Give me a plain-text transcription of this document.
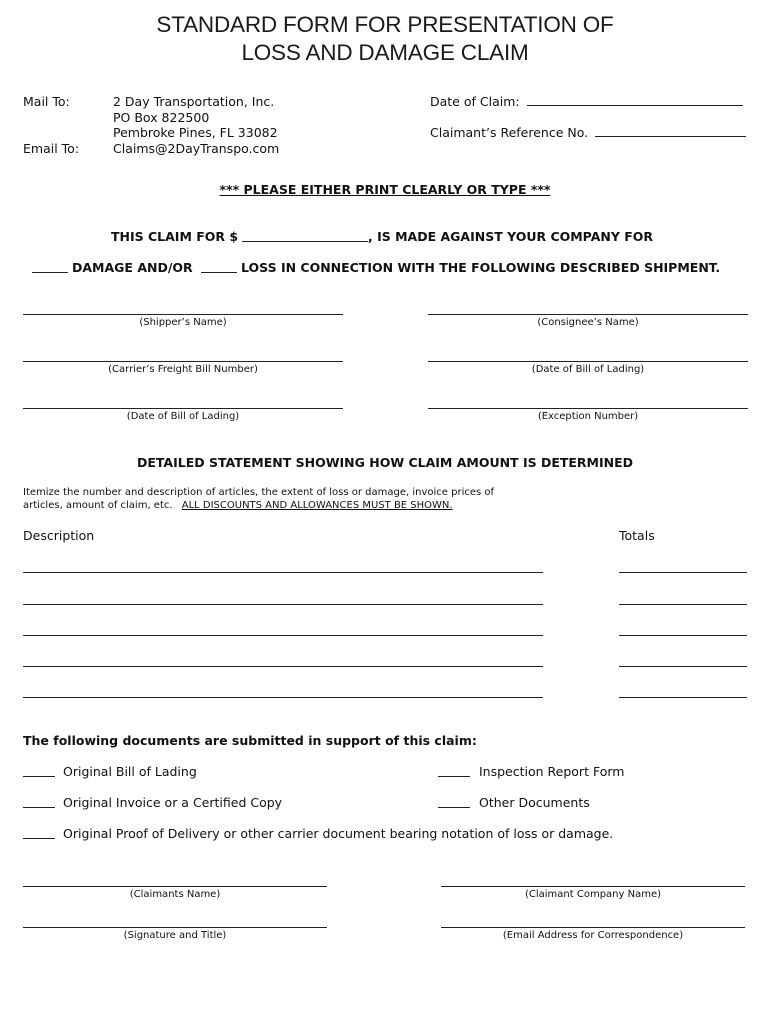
STANDARD FORM FOR PRESENTATION OF
LOSS AND DAMAGE CLAIM
Mail To:	2 Day Transportation, Inc.
PO Box 822500
Pembroke Pines, FL 33082
Email To:	Claims@2DayTranspo.com
Date of Claim:
Claimant’s Reference No.
*** PLEASE EITHER PRINT CLEARLY OR TYPE ***
THIS CLAIM FOR $	, IS MADE AGAINST YOUR COMPANY FOR
DAMAGE AND/OR	LOSS IN CONNECTION WITH THE FOLLOWING DESCRIBED SHIPMENT.
(Shipper’s Name)	(Consignee’s Name)
(Carrier’s Freight Bill Number)	(Date of Bill of Lading)
(Date of Bill of Lading)	(Exception Number)
DETAILED STATEMENT SHOWING HOW CLAIM AMOUNT IS DETERMINED
Itemize the number and description of articles, the extent of loss or damage, invoice prices of
articles, amount of claim, etc. ALL DISCOUNTS AND ALLOWANCES MUST BE SHOWN.
Description	Totals
The following documents are submitted in support of this claim:
Original Bill of Lading	Inspection Report Form
Original Invoice or a Certified Copy	Other Documents
Original Proof of Delivery or other carrier document bearing notation of loss or damage.
(Claimants Name)	(Claimant Company Name)
(Signature and Title)	(Email Address for Correspondence)
